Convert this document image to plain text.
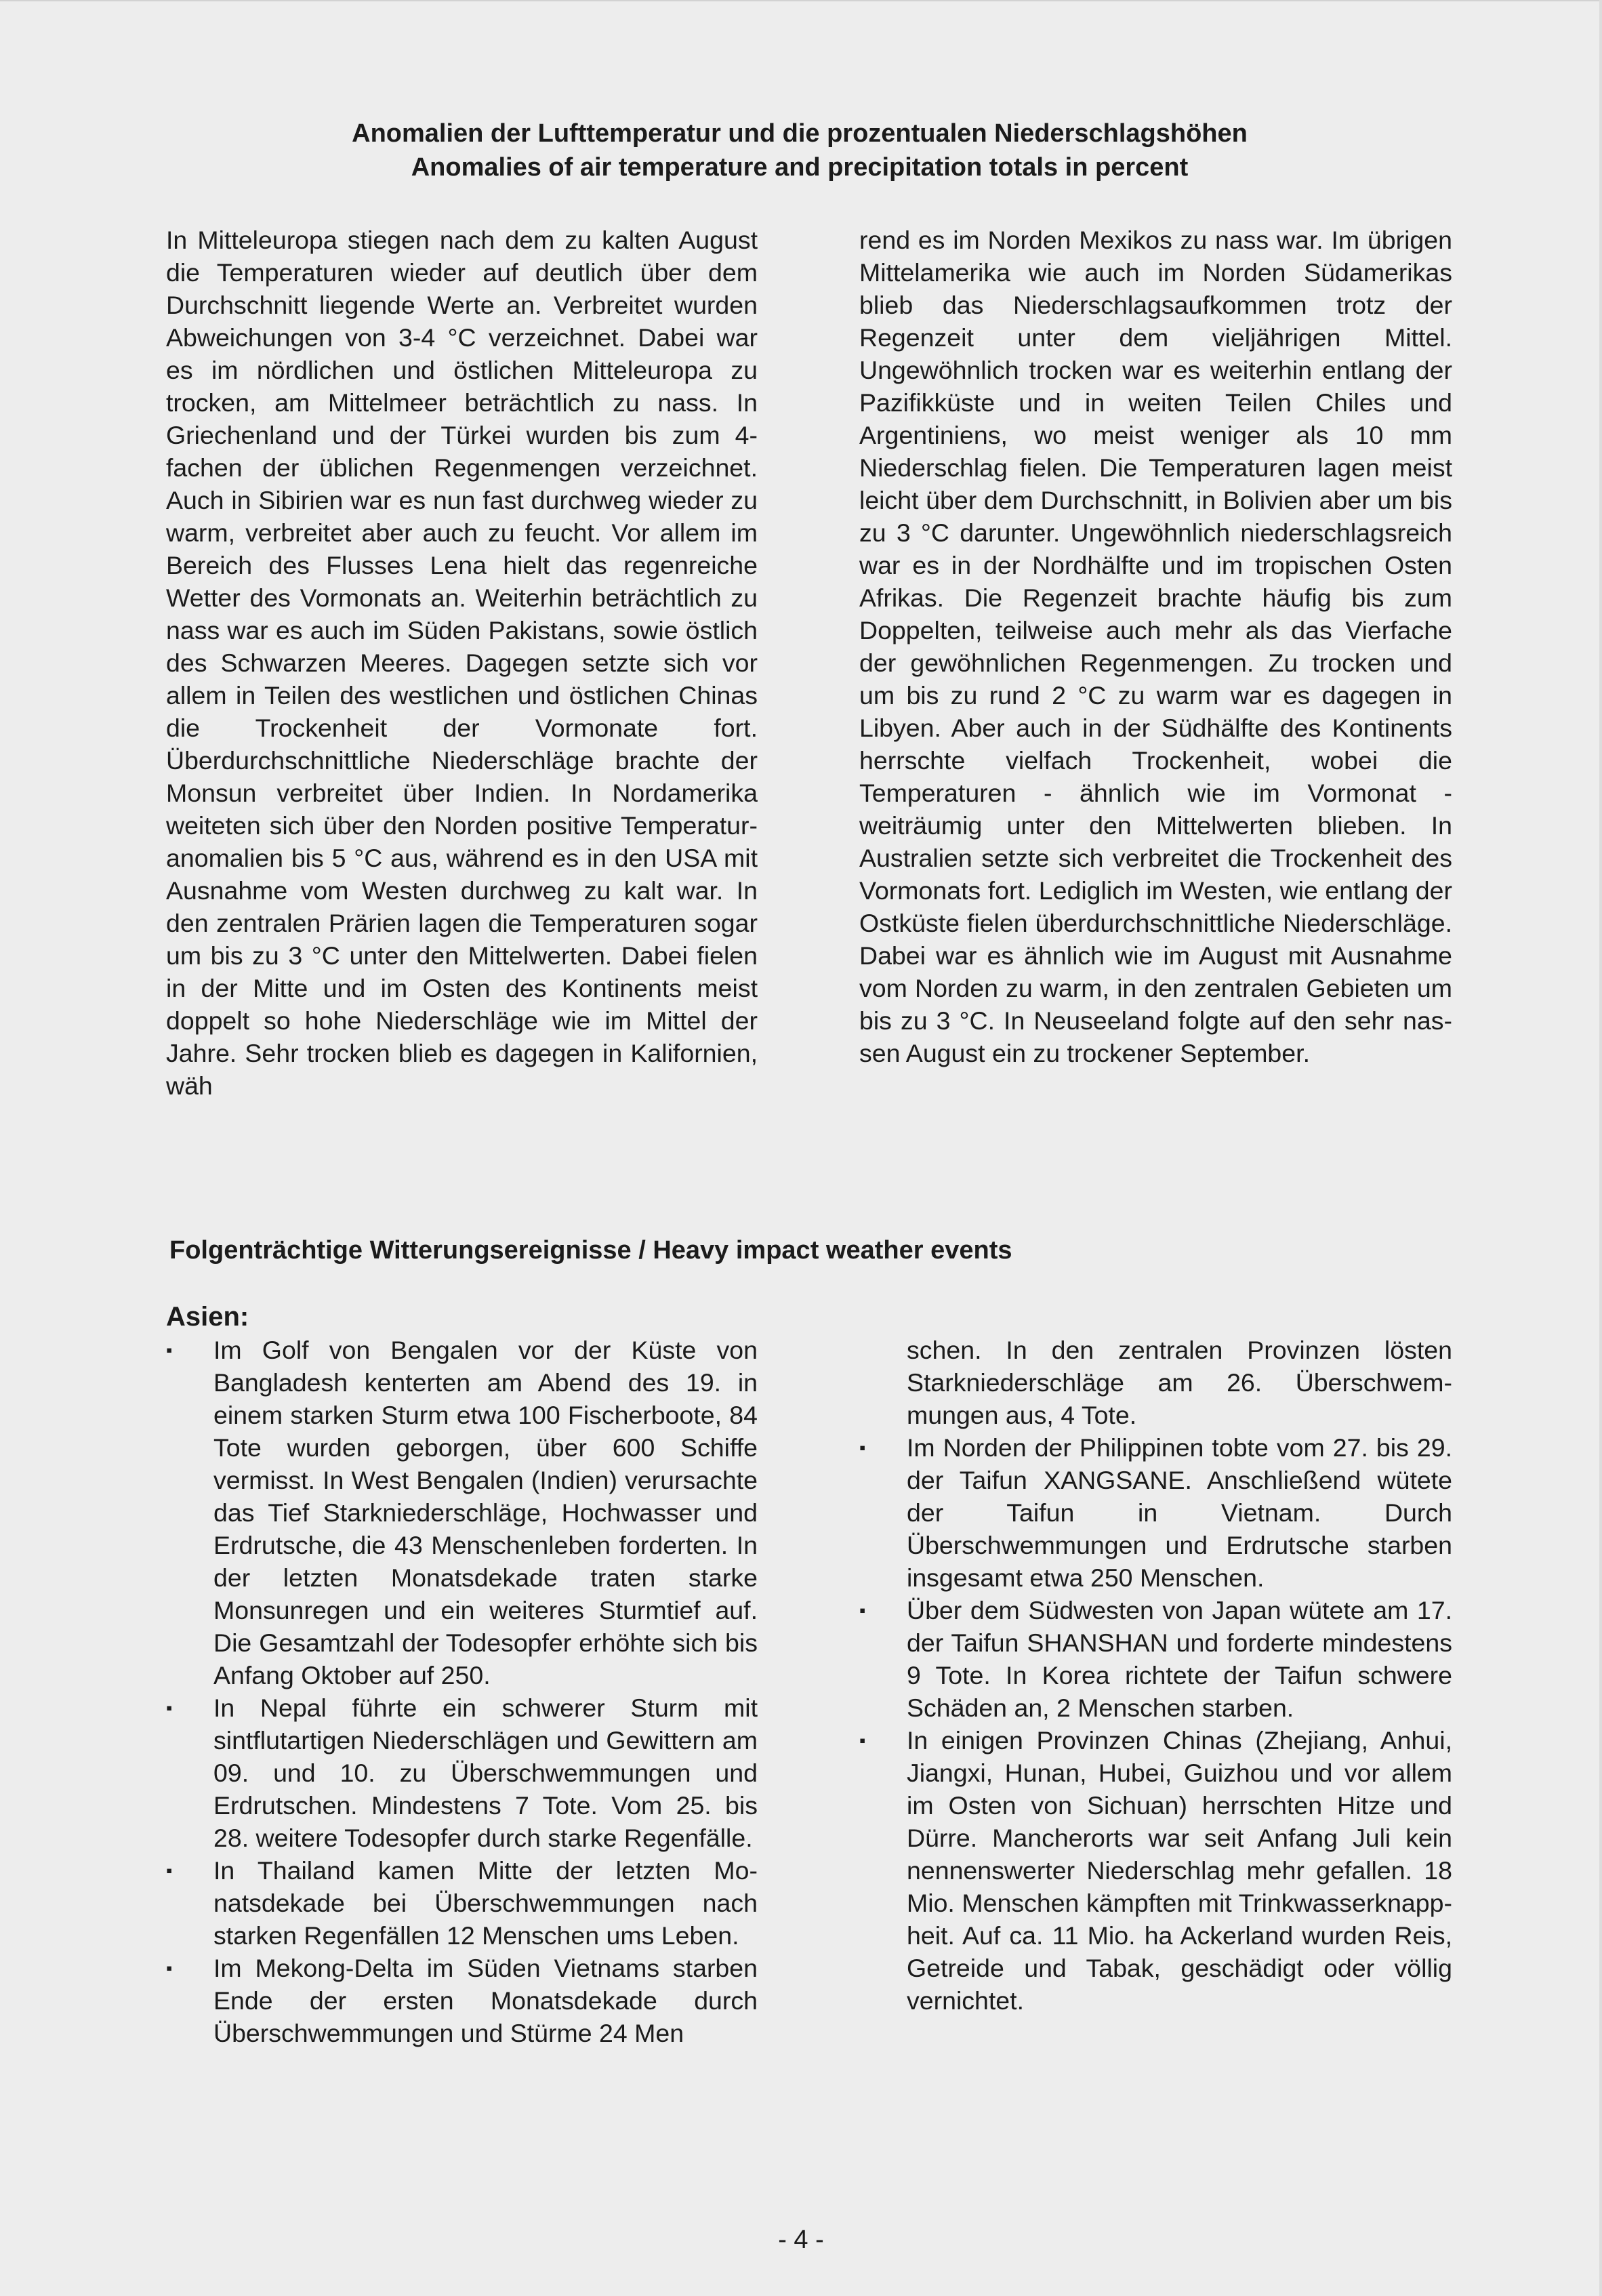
Anomalien der Lufttemperatur und die prozentualen Niederschlagshöhen
Anomalies of air temperature and precipitation totals in percent

In Mitteleuropa stiegen nach dem zu kalten August die Temperaturen wieder auf deutlich über dem Durchschnitt liegende Werte an. Verbreitet wurden Abweichungen von 3-4 °C verzeichnet. Dabei war es im nördlichen und östlichen Mitteleuropa zu trocken, am Mittelmeer beträchtlich zu nass. In Griechenland und der Türkei wurden bis zum 4-fachen der üblichen Regenmengen verzeichnet. Auch in Sibirien war es nun fast durchweg wieder zu warm, verbreitet aber auch zu feucht. Vor allem im Bereich des Flusses Lena hielt das regenreiche Wetter des Vormonats an. Weiterhin beträchtlich zu nass war es auch im Süden Pakistans, sowie östlich des Schwarzen Meeres. Dagegen setzte sich vor allem in Teilen des westlichen und östlichen Chinas die Trockenheit der Vormonate fort. Überdurchschnittliche Niederschläge brachte der Monsun verbreitet über Indien. In Nordamerika weiteten sich über den Norden positive Temperaturanomalien bis 5 °C aus, während es in den USA mit Ausnahme vom Westen durchweg zu kalt war. In den zentralen Prärien lagen die Temperaturen sogar um bis zu 3 °C unter den Mittelwerten. Dabei fielen in der Mitte und im Osten des Kontinents meist doppelt so hohe Niederschläge wie im Mittel der Jahre. Sehr trocken blieb es dagegen in Kalifornien, wäh

rend es im Norden Mexikos zu nass war. Im übrigen Mittelamerika wie auch im Norden Südamerikas blieb das Niederschlagsaufkommen trotz der Regenzeit unter dem vieljährigen Mittel. Ungewöhnlich trocken war es weiterhin entlang der Pazifikküste und in weiten Teilen Chiles und Argentiniens, wo meist weniger als 10 mm Niederschlag fielen. Die Temperaturen lagen meist leicht über dem Durchschnitt, in Bolivien aber um bis zu 3 °C darunter. Ungewöhnlich niederschlagsreich war es in der Nordhälfte und im tropischen Osten Afrikas. Die Regenzeit brachte häufig bis zum Doppelten, teilweise auch mehr als das Vierfache der gewöhnlichen Regenmengen. Zu trocken und um bis zu rund 2 °C zu warm war es dagegen in Libyen. Aber auch in der Südhälfte des Kontinents herrschte vielfach Trockenheit, wobei die Temperaturen - ähnlich wie im Vormonat - weiträumig unter den Mittelwerten blieben. In Australien setzte sich verbreitet die Trockenheit des Vormonats fort. Lediglich im Westen, wie entlang der Ostküste fielen überdurchschnittliche Niederschläge. Dabei war es ähnlich wie im August mit Ausnahme vom Norden zu warm, in den zentralen Gebieten um bis zu 3 °C. In Neuseeland folgte auf den sehr nassen August ein zu trockener September.

Folgenträchtige Witterungsereignisse / Heavy impact weather events
Asien:
▪	Im Golf von Bengalen vor der Küste von Bangladesh kenterten am Abend des 19. in einem starken Sturm etwa 100 Fischerboote, 84 Tote wurden geborgen, über 600 Schiffe vermisst. In West Bengalen (Indien) verursachte das Tief Starkniederschläge, Hochwasser und Erdrutsche, die 43 Menschenleben forderten. In der letzten Monatsdekade traten starke Monsunregen und ein weiteres Sturmtief auf. Die Gesamtzahl der Todesopfer erhöhte sich bis Anfang Oktober auf 250.
▪	In Nepal führte ein schwerer Sturm mit sintflutartigen Niederschlägen und Gewittern am 09. und 10. zu Überschwemmungen und Erdrutschen. Mindestens 7 Tote. Vom 25. bis 28. weitere Todesopfer durch starke Regenfälle.
▪	In Thailand kamen Mitte der letzten Monatsdekade bei Überschwemmungen nach starken Regenfällen 12 Menschen ums Leben.
▪	Im Mekong-Delta im Süden Vietnams starben Ende der ersten Monatsdekade durch Überschwemmungen und Stürme 24 Men
schen. In den zentralen Provinzen lösten Starkniederschläge am 26. Überschwemmungen aus, 4 Tote.
▪	Im Norden der Philippinen tobte vom 27. bis 29. der Taifun XANGSANE. Anschließend wütete der Taifun in Vietnam. Durch Überschwemmungen und Erdrutsche starben insgesamt etwa 250 Menschen.
▪	Über dem Südwesten von Japan wütete am 17. der Taifun SHANSHAN und forderte mindestens 9 Tote. In Korea richtete der Taifun schwere Schäden an, 2 Menschen starben.
▪	In einigen Provinzen Chinas (Zhejiang, Anhui, Jiangxi, Hunan, Hubei, Guizhou und vor allem im Osten von Sichuan) herrschten Hitze und Dürre. Mancherorts war seit Anfang Juli kein nennenswerter Niederschlag mehr gefallen. 18 Mio. Menschen kämpften mit Trinkwasserknappheit. Auf ca. 11 Mio. ha Ackerland wurden Reis, Getreide und Tabak, geschädigt oder völlig vernichtet.
- 4 -
